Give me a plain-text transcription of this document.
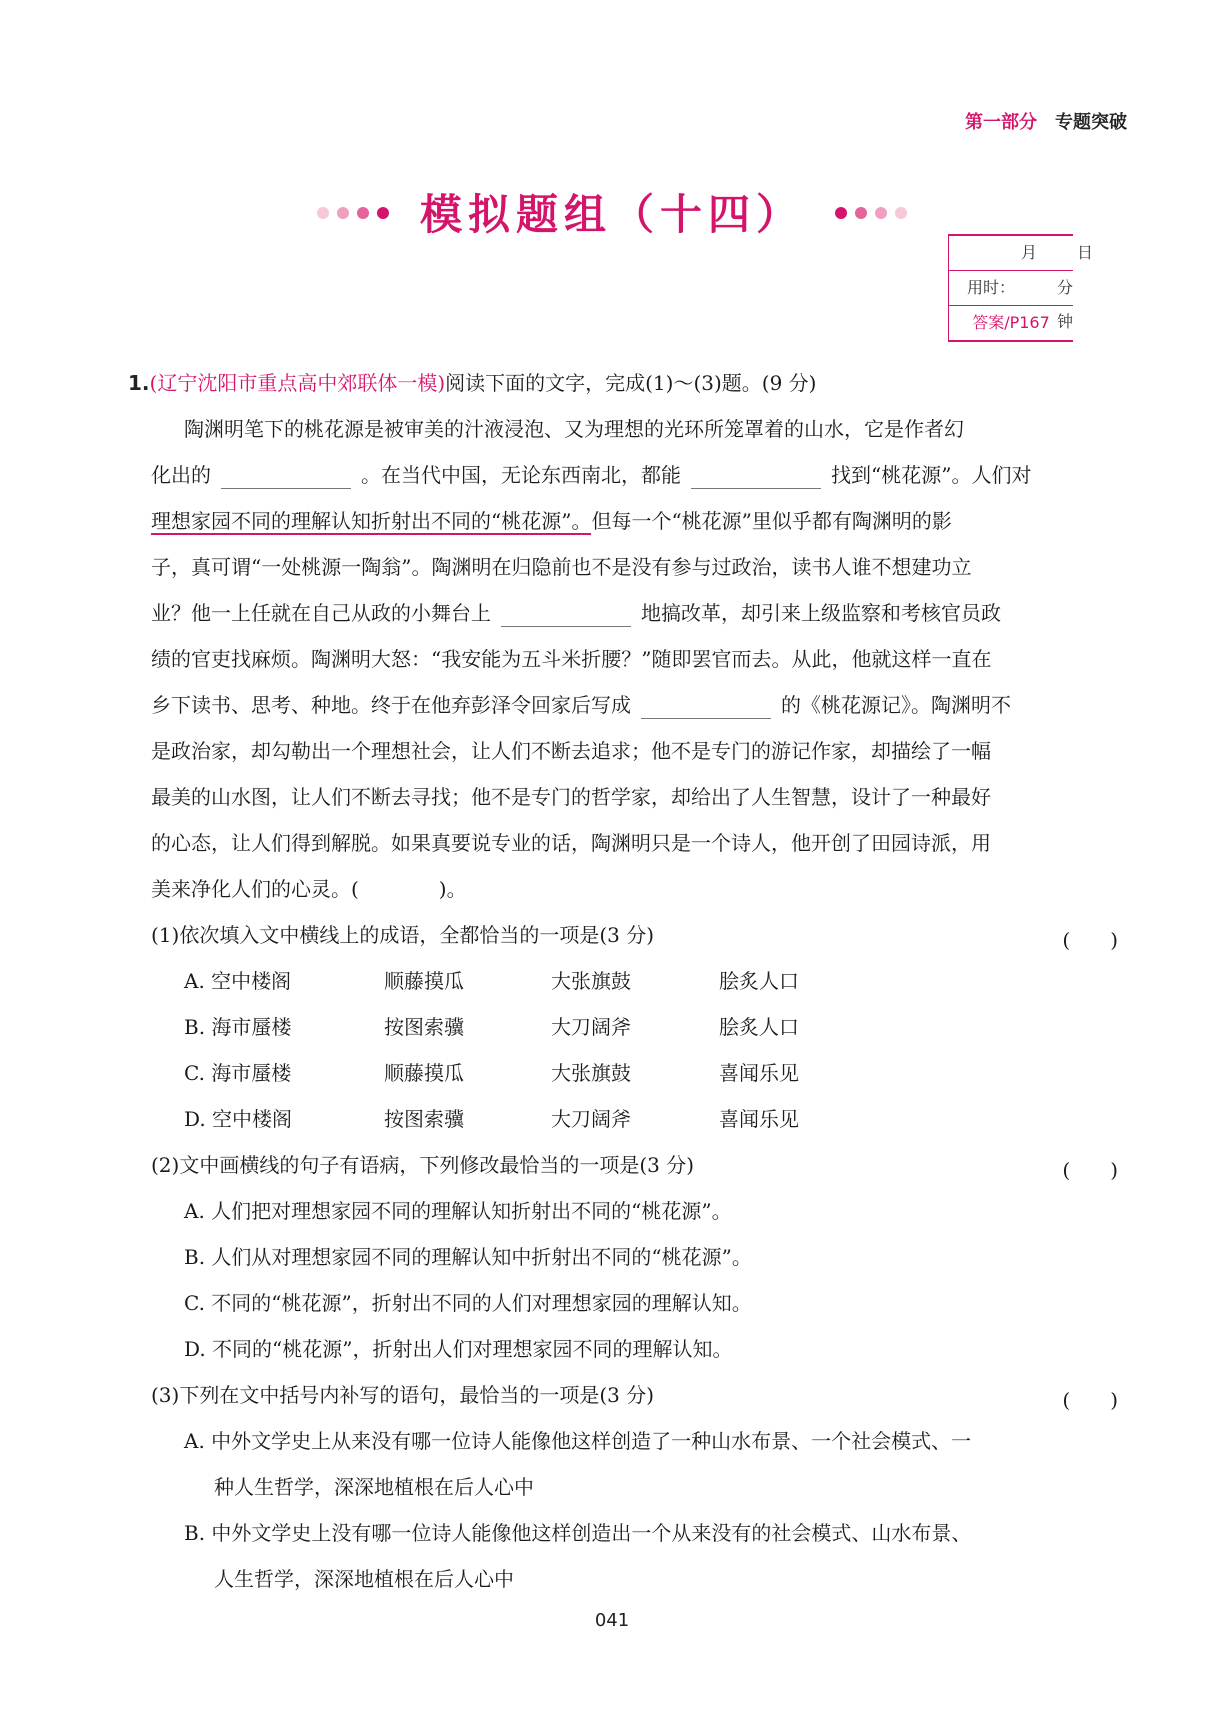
第一部分 专题突破
模拟题组（十四）
月 日
用时：	分钟
答案/P167
1.(辽宁沈阳市重点高中郊联体一模)阅读下面的文字，完成(1)～(3)题。(9 分)
陶渊明笔下的桃花源是被审美的汁液浸泡、又为理想的光环所笼罩着的山水，它是作者幻
化出的	。在当代中国，无论东西南北，都能	找到“桃花源”。人们对
理想家园不同的理解认知折射出不同的“桃花源”。但每一个“桃花源”里似乎都有陶渊明的影
子，真可谓“一处桃源一陶翁”。陶渊明在归隐前也不是没有参与过政治，读书人谁不想建功立
业？他一上任就在自己从政的小舞台上	地搞改革，却引来上级监察和考核官员政
绩的官吏找麻烦。陶渊明大怒：“我安能为五斗米折腰？”随即罢官而去。从此，他就这样一直在
乡下读书、思考、种地。终于在他弃彭泽令回家后写成	的《桃花源记》。陶渊明不
是政治家，却勾勒出一个理想社会，让人们不断去追求；他不是专门的游记作家，却描绘了一幅
最美的山水图，让人们不断去寻找；他不是专门的哲学家，却给出了人生智慧，设计了一种最好
的心态，让人们得到解脱。如果真要说专业的话，陶渊明只是一个诗人，他开创了田园诗派，用
美来净化人们的心灵。(　　　　)。
(1)依次填入文中横线上的成语，全都恰当的一项是(3 分)	(　　)
A. 空中楼阁	顺藤摸瓜	大张旗鼓	脍炙人口
B. 海市蜃楼	按图索骥	大刀阔斧	脍炙人口
C. 海市蜃楼	顺藤摸瓜	大张旗鼓	喜闻乐见
D. 空中楼阁	按图索骥	大刀阔斧	喜闻乐见
(2)文中画横线的句子有语病，下列修改最恰当的一项是(3 分)	(　　)
A. 人们把对理想家园不同的理解认知折射出不同的“桃花源”。
B. 人们从对理想家园不同的理解认知中折射出不同的“桃花源”。
C. 不同的“桃花源”，折射出不同的人们对理想家园的理解认知。
D. 不同的“桃花源”，折射出人们对理想家园不同的理解认知。
(3)下列在文中括号内补写的语句，最恰当的一项是(3 分)	(　　)
A. 中外文学史上从来没有哪一位诗人能像他这样创造了一种山水布景、一个社会模式、一
种人生哲学，深深地植根在后人心中
B. 中外文学史上没有哪一位诗人能像他这样创造出一个从来没有的社会模式、山水布景、
人生哲学，深深地植根在后人心中
041
